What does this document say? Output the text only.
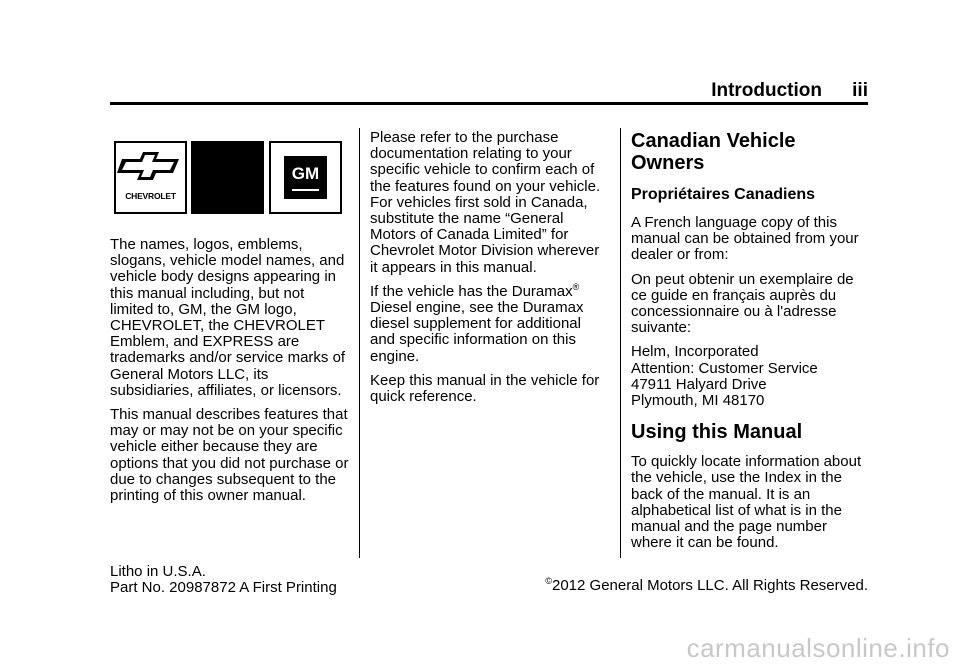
Introduction iii
CHEVROLET
GM

The names, logos, emblems, slogans, vehicle model names, and vehicle body designs appearing in this manual including, but not limited to, GM, the GM logo, CHEVROLET, the CHEVROLET Emblem, and EXPRESS are trademarks and/or service marks of General Motors LLC, its subsidiaries, affiliates, or licensors.

This manual describes features that may or may not be on your specific vehicle either because they are options that you did not purchase or due to changes subsequent to the printing of this owner manual.

Please refer to the purchase documentation relating to your specific vehicle to confirm each of the features found on your vehicle. For vehicles first sold in Canada, substitute the name “General Motors of Canada Limited” for Chevrolet Motor Division wherever it appears in this manual.

If the vehicle has the Duramax® Diesel engine, see the Duramax diesel supplement for additional and specific information on this engine.

Keep this manual in the vehicle for quick reference.

Canadian Vehicle Owners
Propriétaires Canadiens

A French language copy of this manual can be obtained from your dealer or from:

On peut obtenir un exemplaire de ce guide en français auprès du concessionnaire ou à l'adresse suivante:

Helm, Incorporated
Attention: Customer Service
47911 Halyard Drive
Plymouth, MI 48170

Using this Manual

To quickly locate information about the vehicle, use the Index in the back of the manual. It is an alphabetical list of what is in the manual and the page number where it can be found.

Litho in U.S.A.
Part No. 20987872 A First Printing	©2012 General Motors LLC. All Rights Reserved.
carmanualsonline.info
